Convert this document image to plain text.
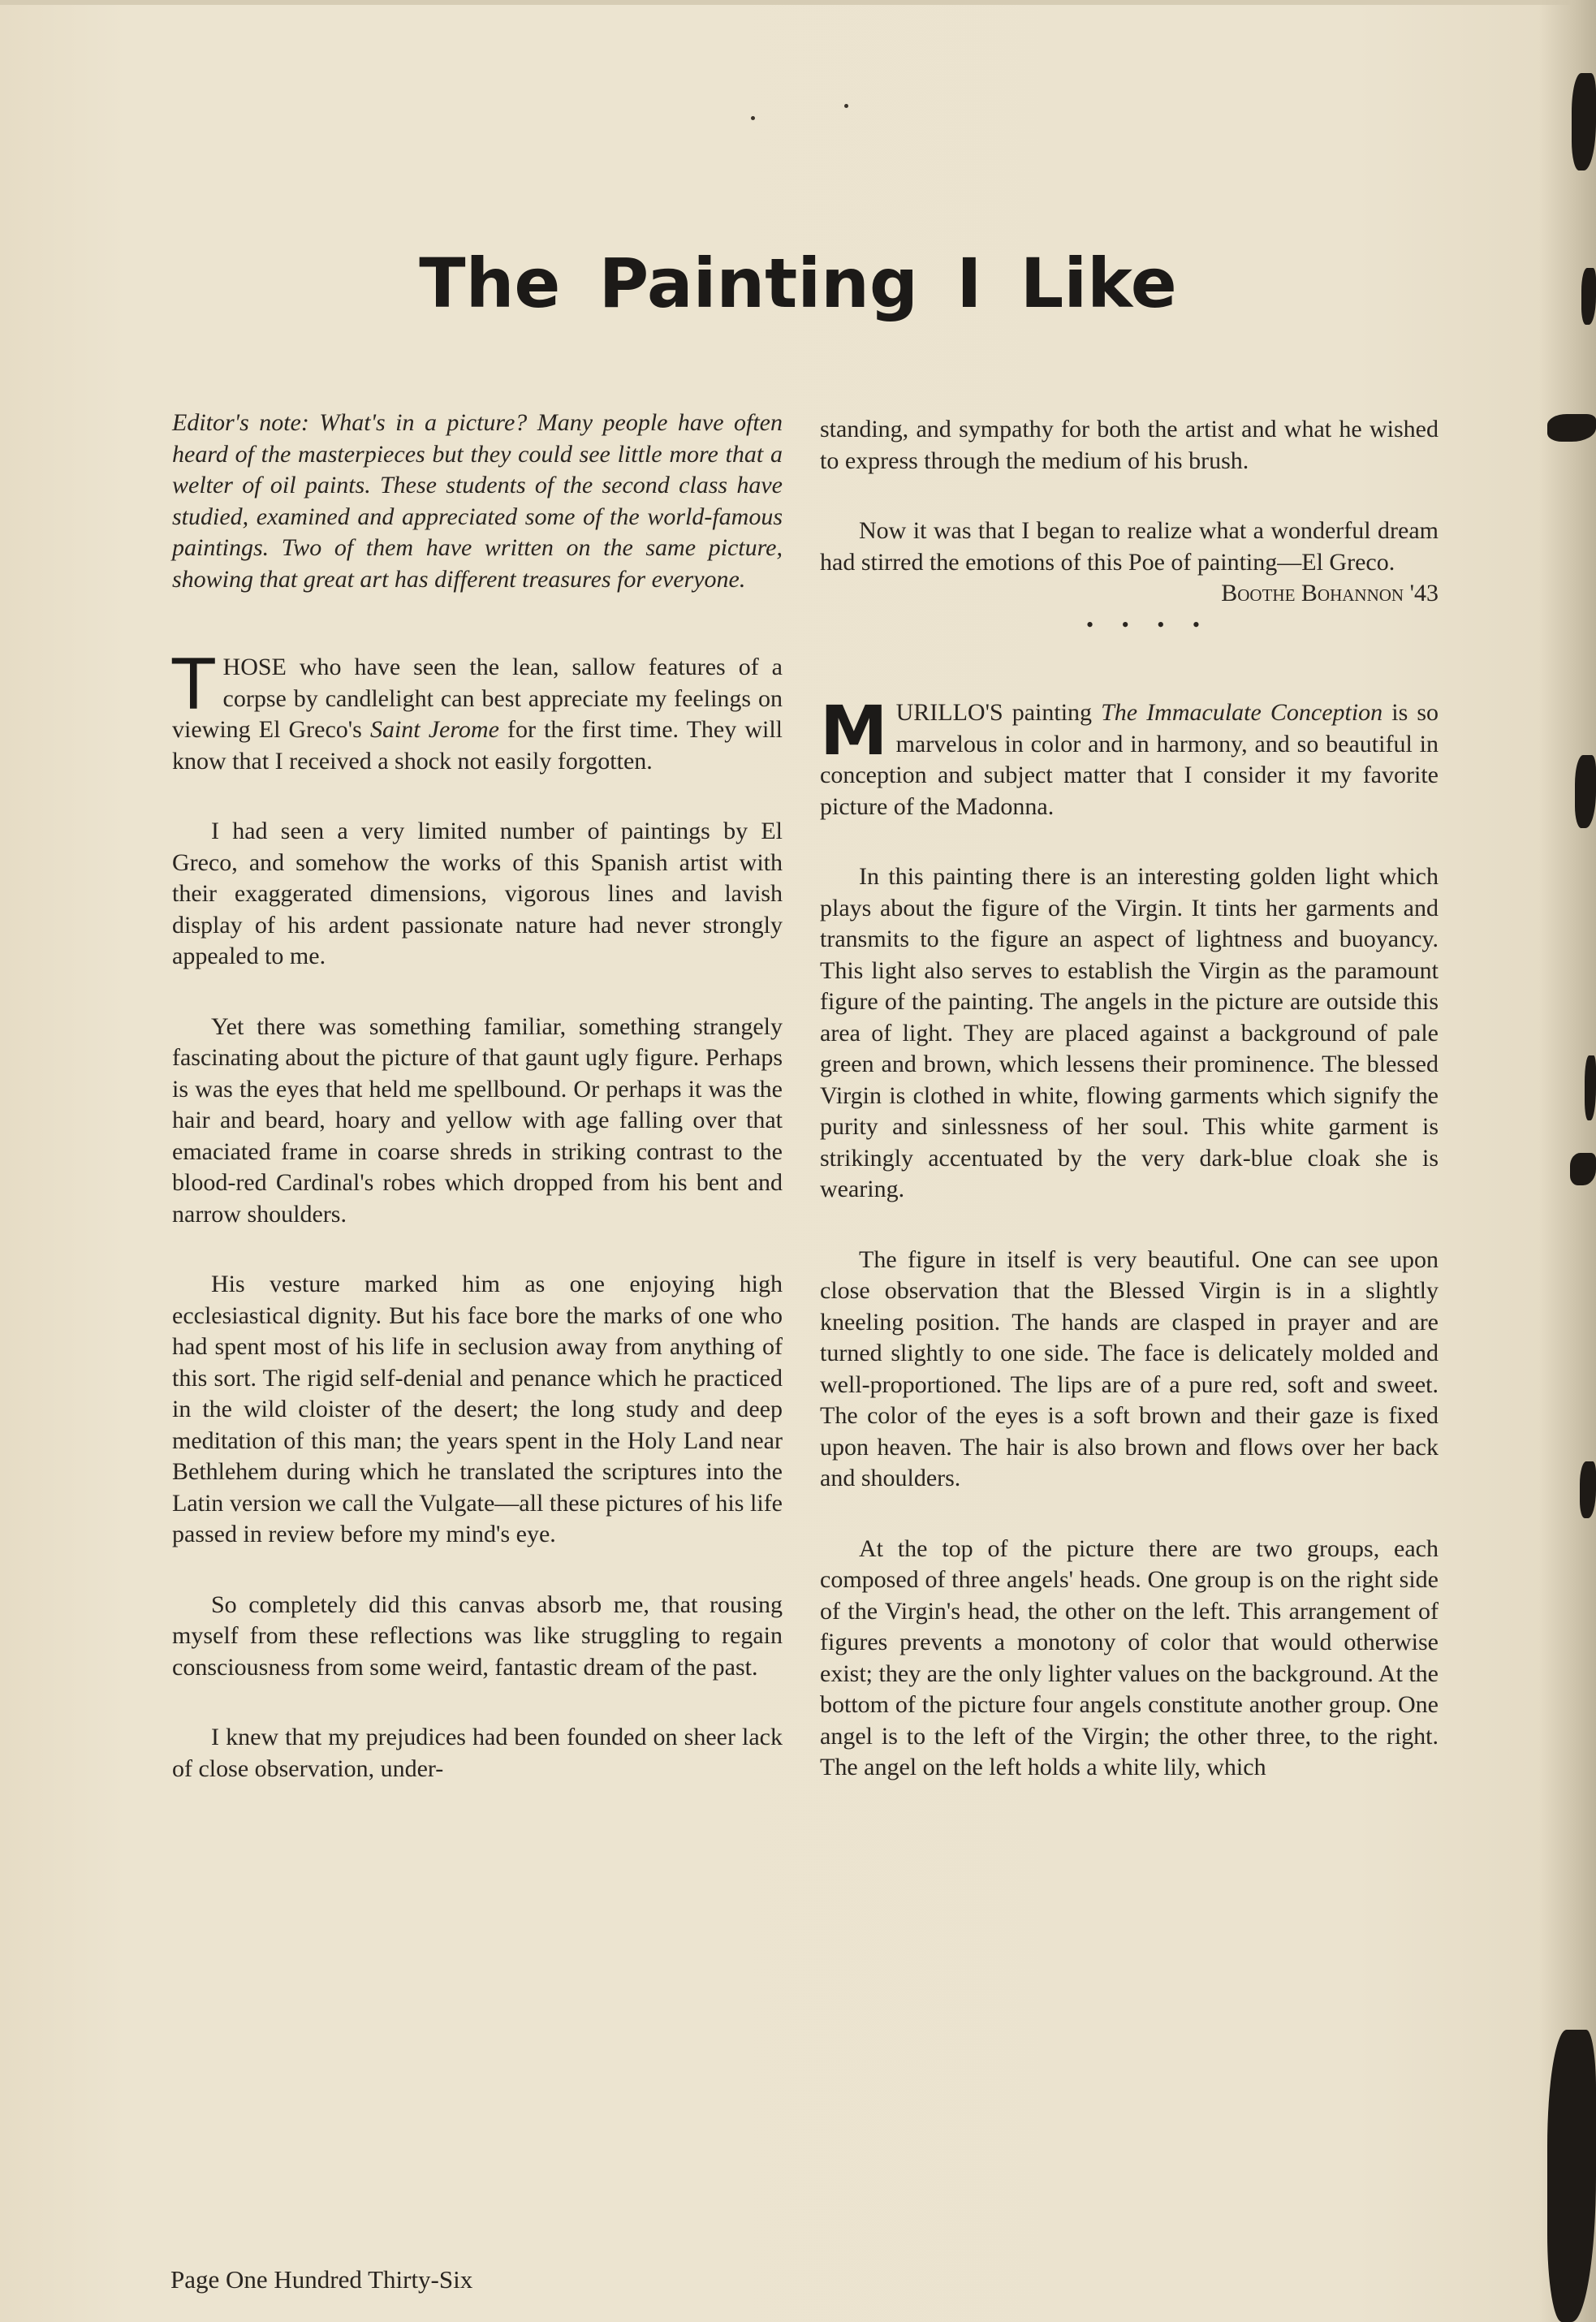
The Painting I Like

Editor's note: What's in a picture? Many people have often heard of the masterpieces but they could see little more that a welter of oil paints. These students of the second class have studied, examined and appreciated some of the world-famous paintings. Two of them have written on the same picture, showing that great art has different treasures for everyone.

THOSE who have seen the lean, sallow features of a corpse by candlelight can best appreciate my feelings on viewing El Greco's Saint Jerome for the first time. They will know that I received a shock not easily forgotten.

I had seen a very limited number of paintings by El Greco, and somehow the works of this Spanish artist with their exaggerated dimensions, vigorous lines and lavish display of his ardent passionate nature had never strongly appealed to me.

Yet there was something familiar, something strangely fascinating about the picture of that gaunt ugly figure. Perhaps is was the eyes that held me spellbound. Or perhaps it was the hair and beard, hoary and yellow with age falling over that emaciated frame in coarse shreds in striking contrast to the blood-red Cardinal's robes which dropped from his bent and narrow shoulders.

His vesture marked him as one enjoying high ecclesiastical dignity. But his face bore the marks of one who had spent most of his life in seclusion away from anything of this sort. The rigid self-denial and penance which he practiced in the wild cloister of the desert; the long study and deep meditation of this man; the years spent in the Holy Land near Bethlehem during which he translated the scriptures into the Latin version we call the Vulgate—all these pictures of his life passed in review before my mind's eye.

So completely did this canvas absorb me, that rousing myself from these reflections was like struggling to regain consciousness from some weird, fantastic dream of the past.

I knew that my prejudices had been founded on sheer lack of close observation, under-

standing, and sympathy for both the artist and what he wished to express through the medium of his brush.

Now it was that I began to realize what a wonderful dream had stirred the emotions of this Poe of painting—El Greco.

Boothe Bohannon '43

• • • •

MURILLO'S painting The Immaculate Conception is so marvelous in color and in harmony, and so beautiful in conception and subject matter that I consider it my favorite picture of the Madonna.

In this painting there is an interesting golden light which plays about the figure of the Virgin. It tints her garments and transmits to the figure an aspect of lightness and buoyancy. This light also serves to establish the Virgin as the paramount figure of the painting. The angels in the picture are outside this area of light. They are placed against a background of pale green and brown, which lessens their prominence. The blessed Virgin is clothed in white, flowing garments which signify the purity and sinlessness of her soul. This white garment is strikingly accentuated by the very dark-blue cloak she is wearing.

The figure in itself is very beautiful. One can see upon close observation that the Blessed Virgin is in a slightly kneeling position. The hands are clasped in prayer and are turned slightly to one side. The face is delicately molded and well-proportioned. The lips are of a pure red, soft and sweet. The color of the eyes is a soft brown and their gaze is fixed upon heaven. The hair is also brown and flows over her back and shoulders.

At the top of the picture there are two groups, each composed of three angels' heads. One group is on the right side of the Virgin's head, the other on the left. This arrangement of figures prevents a monotony of color that would otherwise exist; they are the only lighter values on the background. At the bottom of the picture four angels constitute another group. One angel is to the left of the Virgin; the other three, to the right. The angel on the left holds a white lily, which

Page One Hundred Thirty-Six
